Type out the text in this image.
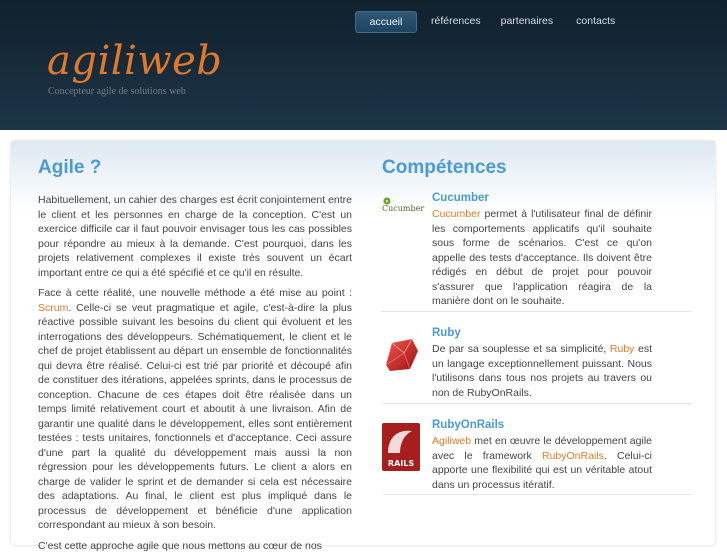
agiliweb
Concepteur agile de solutions web
accueil	références	partenaires	contacts
Agile ?

Habituellement, un cahier des charges est écrit conjointement entre le client et les personnes en charge de la conception. C'est un exercice difficile car il faut pouvoir envisager tous les cas possibles pour répondre au mieux à la demande. C'est pourquoi, dans les projets relativement complexes il existe très souvent un écart important entre ce qui a été spécifié et ce qu'il en résulte.

Face à cette réalité, une nouvelle méthode a été mise au point : Scrum. Celle-ci se veut pragmatique et agile, c'est-à-dire la plus réactive possible suivant les besoins du client qui évoluent et les interrogations des développeurs. Schématiquement, le client et le chef de projet établissent au départ un ensemble de fonctionnalités qui devra être réalisé. Celui-ci est trié par priorité et découpé afin de constituer des itérations, appelées sprints, dans le processus de conception. Chacune de ces étapes doit être réalisée dans un temps limité relativement court et aboutit à une livraison. Afin de garantir une qualité dans le développement, elles sont entièrement testées : tests unitaires, fonctionnels et d'acceptance. Ceci assure d'une part la qualité du développement mais aussi la non régression pour les développements futurs. Le client a alors en charge de valider le sprint et de demander si cela est nécessaire des adaptations. Au final, le client est plus impliqué dans le processus de développement et bénéficie d'une application correspondant au mieux à son besoin.

C'est cette approche agile que nous mettons au cœur de nos

Compétences
Cucumber
Cucumber
Cucumber permet à l'utilisateur final de définir les comportements applicatifs qu'il souhaite sous forme de scénarios. C'est ce qu'on appelle des tests d'acceptance. Ils doivent être rédigés en début de projet pour pouvoir s'assurer que l'application réagira de la manière dont on le souhaite.
Ruby
De par sa souplesse et sa simplicité, Ruby est un langage exceptionnellement puissant. Nous l'utilisons dans tous nos projets au travers ou non de RubyOnRails.
RAILS
RubyOnRails
Agiliweb met en œuvre le développement agile avec le framework RubyOnRails. Celui-ci apporte une flexibilité qui est un véritable atout dans un processus itératif.
